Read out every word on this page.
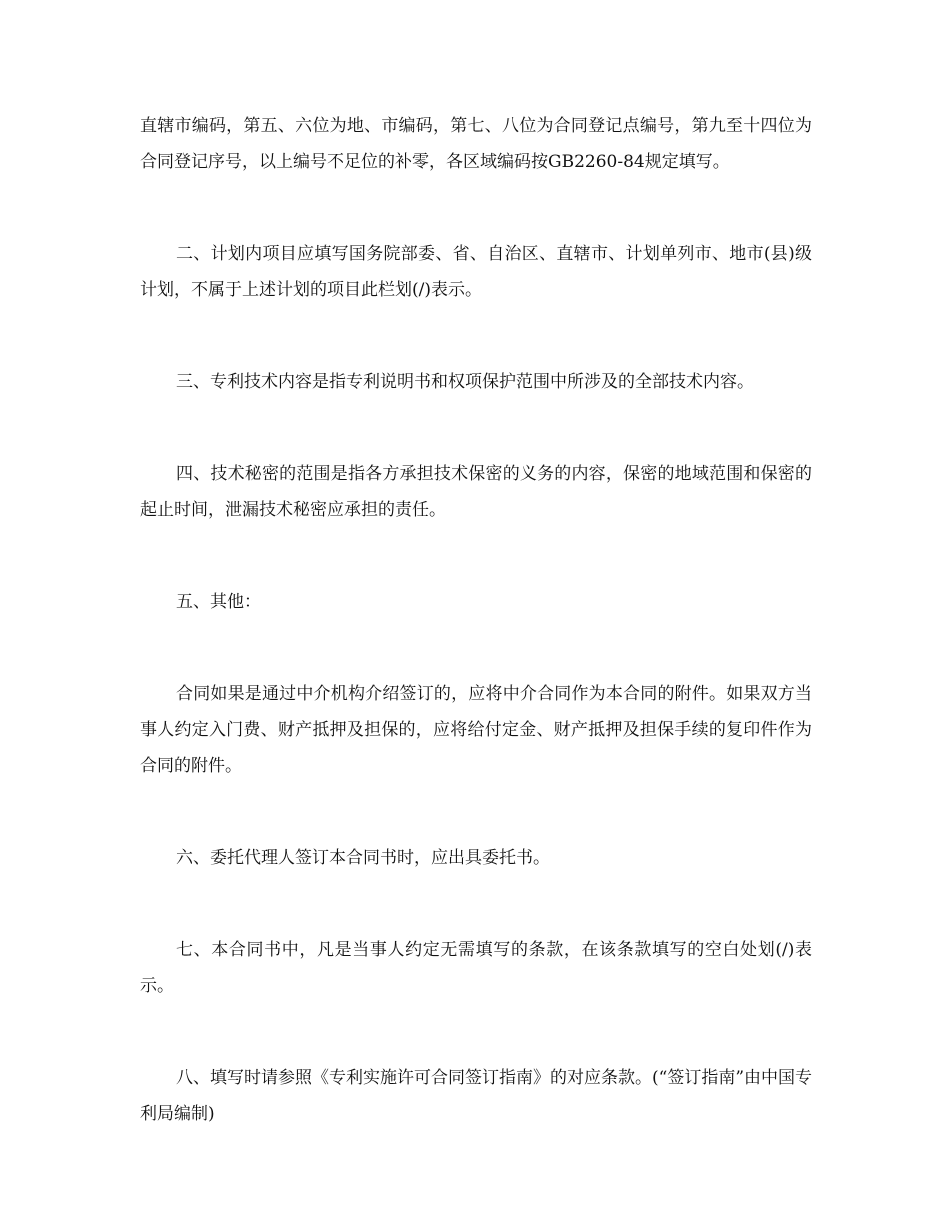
直辖市编码，第五、六位为地、市编码，第七、八位为合同登记点编号，第九至十四位为合同登记序号，以上编号不足位的补零，各区域编码按GB2260-84规定填写。

二、计划内项目应填写国务院部委、省、自治区、直辖市、计划单列市、地市(县)级计划，不属于上述计划的项目此栏划(/)表示。

三、专利技术内容是指专利说明书和权项保护范围中所涉及的全部技术内容。

四、技术秘密的范围是指各方承担技术保密的义务的内容，保密的地域范围和保密的起止时间，泄漏技术秘密应承担的责任。

五、其他：

合同如果是通过中介机构介绍签订的，应将中介合同作为本合同的附件。如果双方当事人约定入门费、财产抵押及担保的，应将给付定金、财产抵押及担保手续的复印件作为合同的附件。

六、委托代理人签订本合同书时，应出具委托书。

七、本合同书中，凡是当事人约定无需填写的条款，在该条款填写的空白处划(/)表示。

八、填写时请参照《专利实施许可合同签订指南》的对应条款。(“签订指南”由中国专利局编制)
